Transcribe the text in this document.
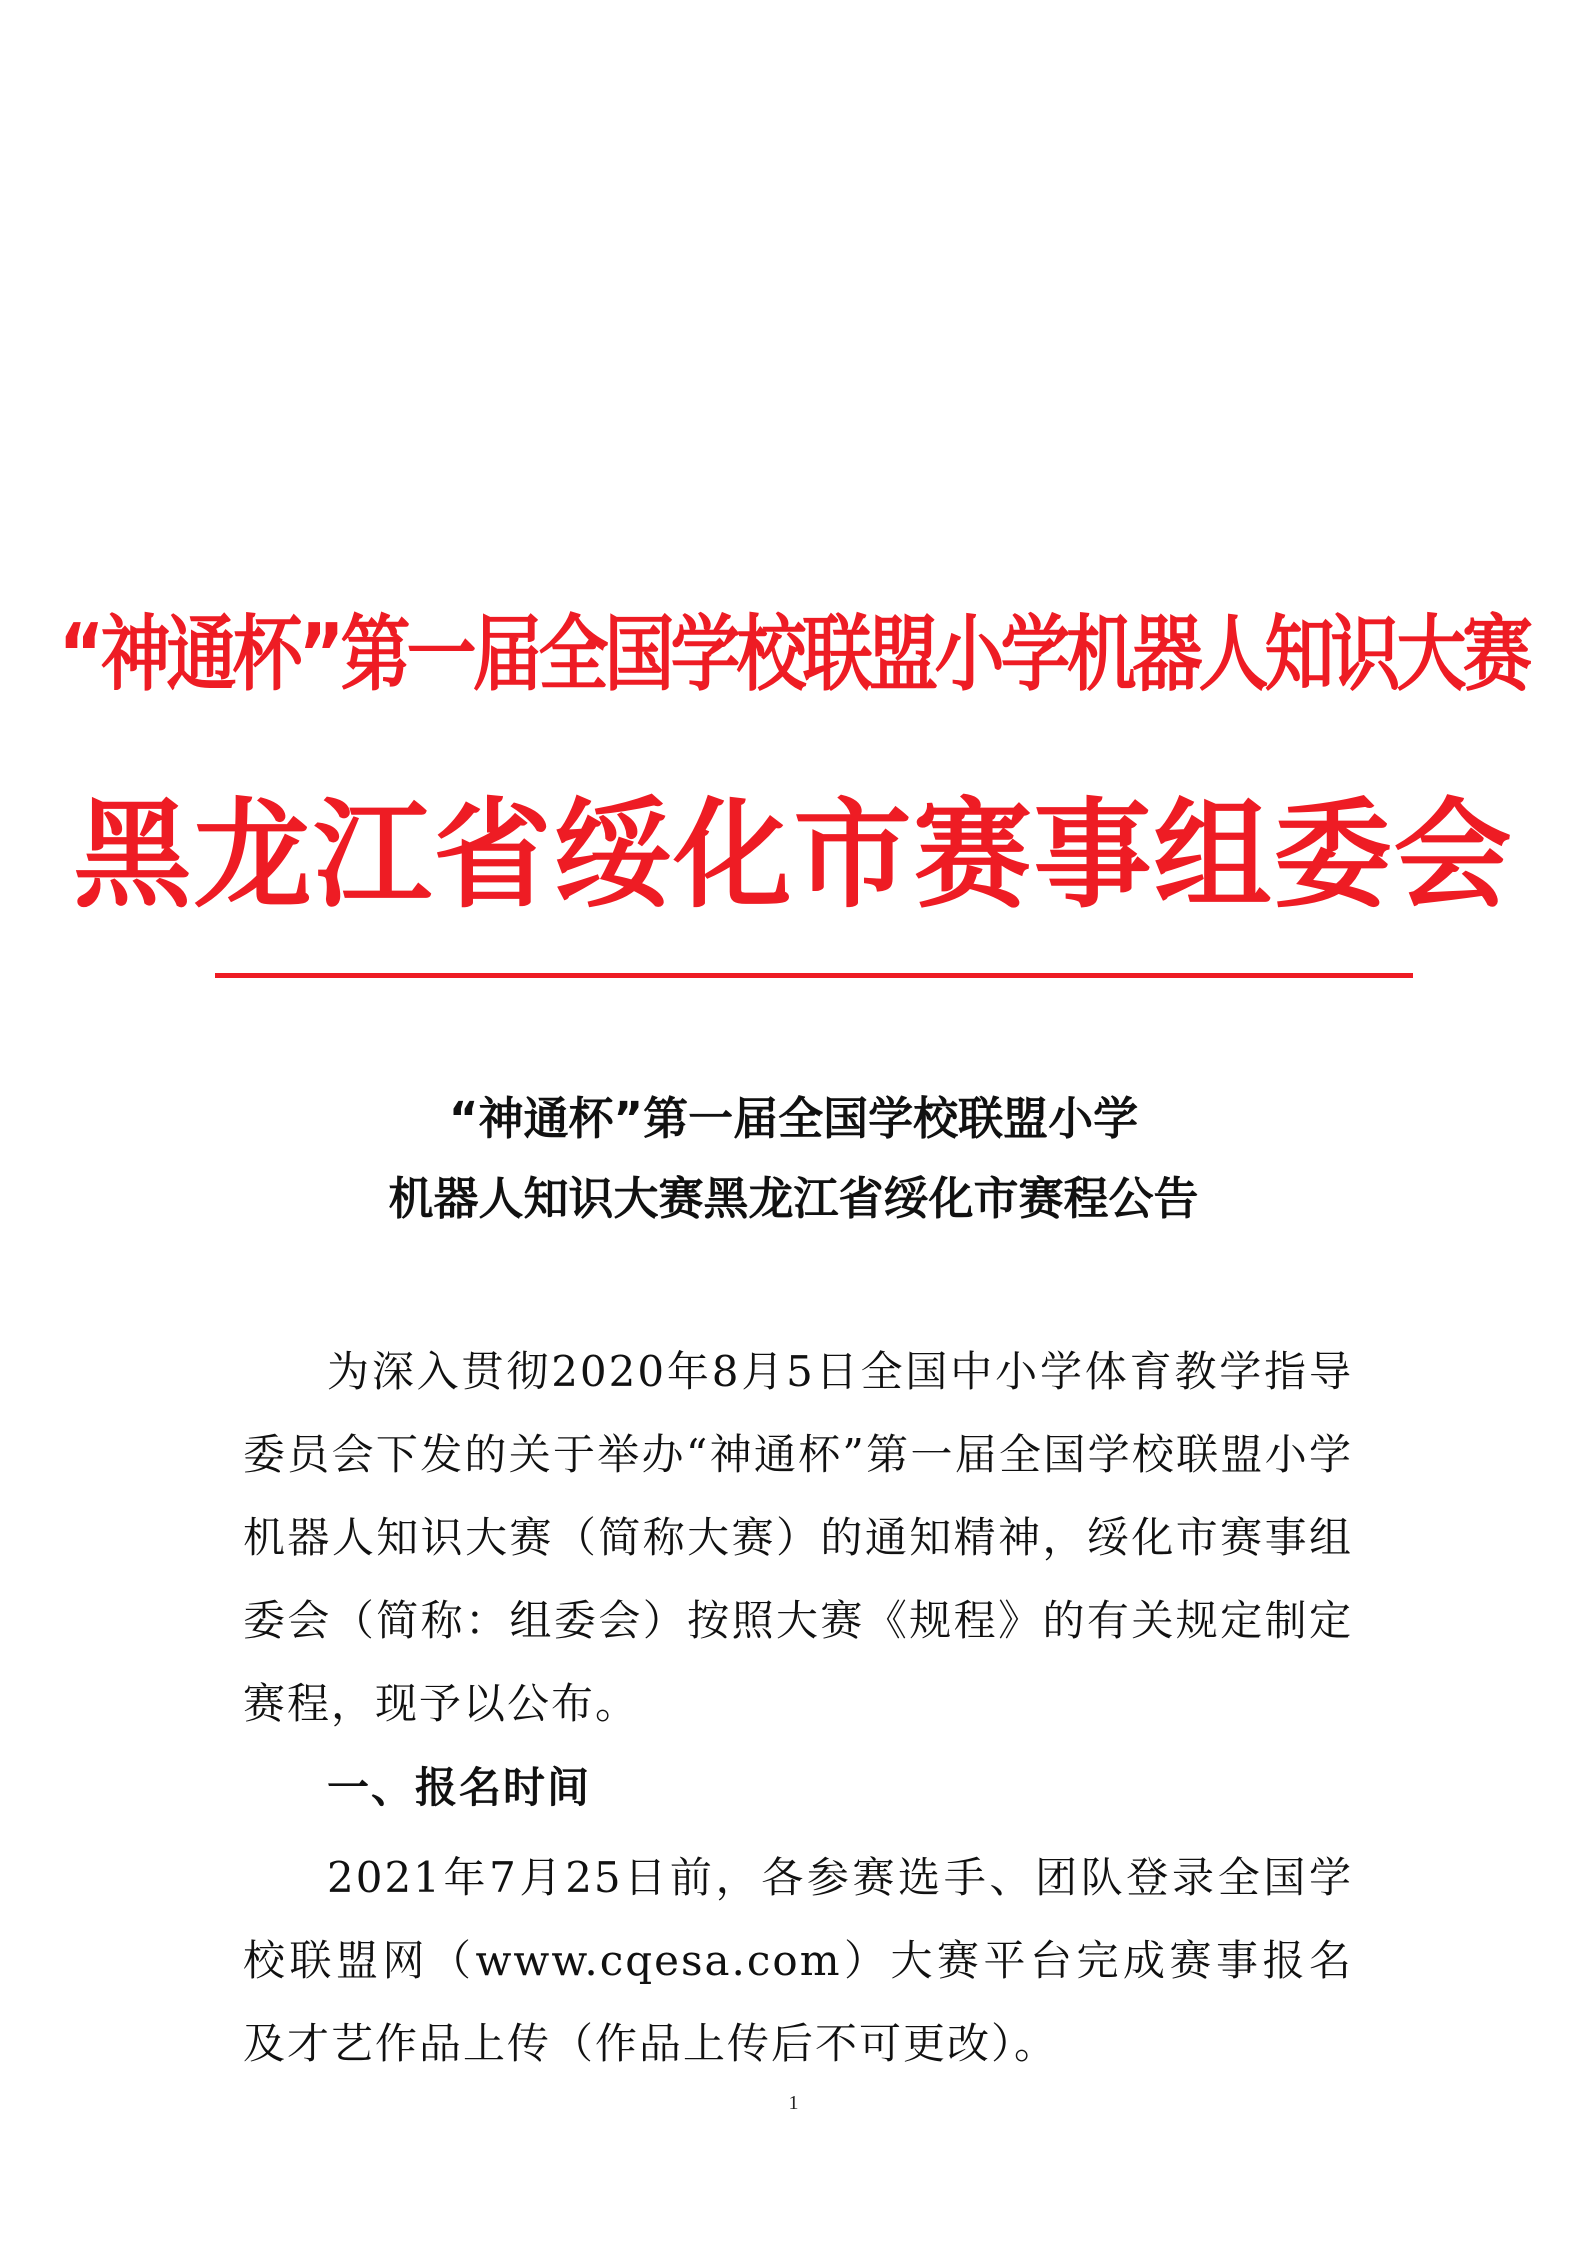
“神通杯”第一届全国学校联盟小学机器人知识大赛
黑龙江省绥化市赛事组委会
“神通杯”第一届全国学校联盟小学
机器人知识大赛黑龙江省绥化市赛程公告

为深入贯彻2020年8月5日全国中小学体育教学指导委员会下发的关于举办“神通杯”第一届全国学校联盟小学机器人知识大赛（简称大赛）的通知精神，绥化市赛事组委会（简称：组委会）按照大赛《规程》的有关规定制定赛程，现予以公布。

一、报名时间

2021年7月25日前，各参赛选手、团队登录全国学校联盟网（www.cqesa.com）大赛平台完成赛事报名及才艺作品上传（作品上传后不可更改）。

1
